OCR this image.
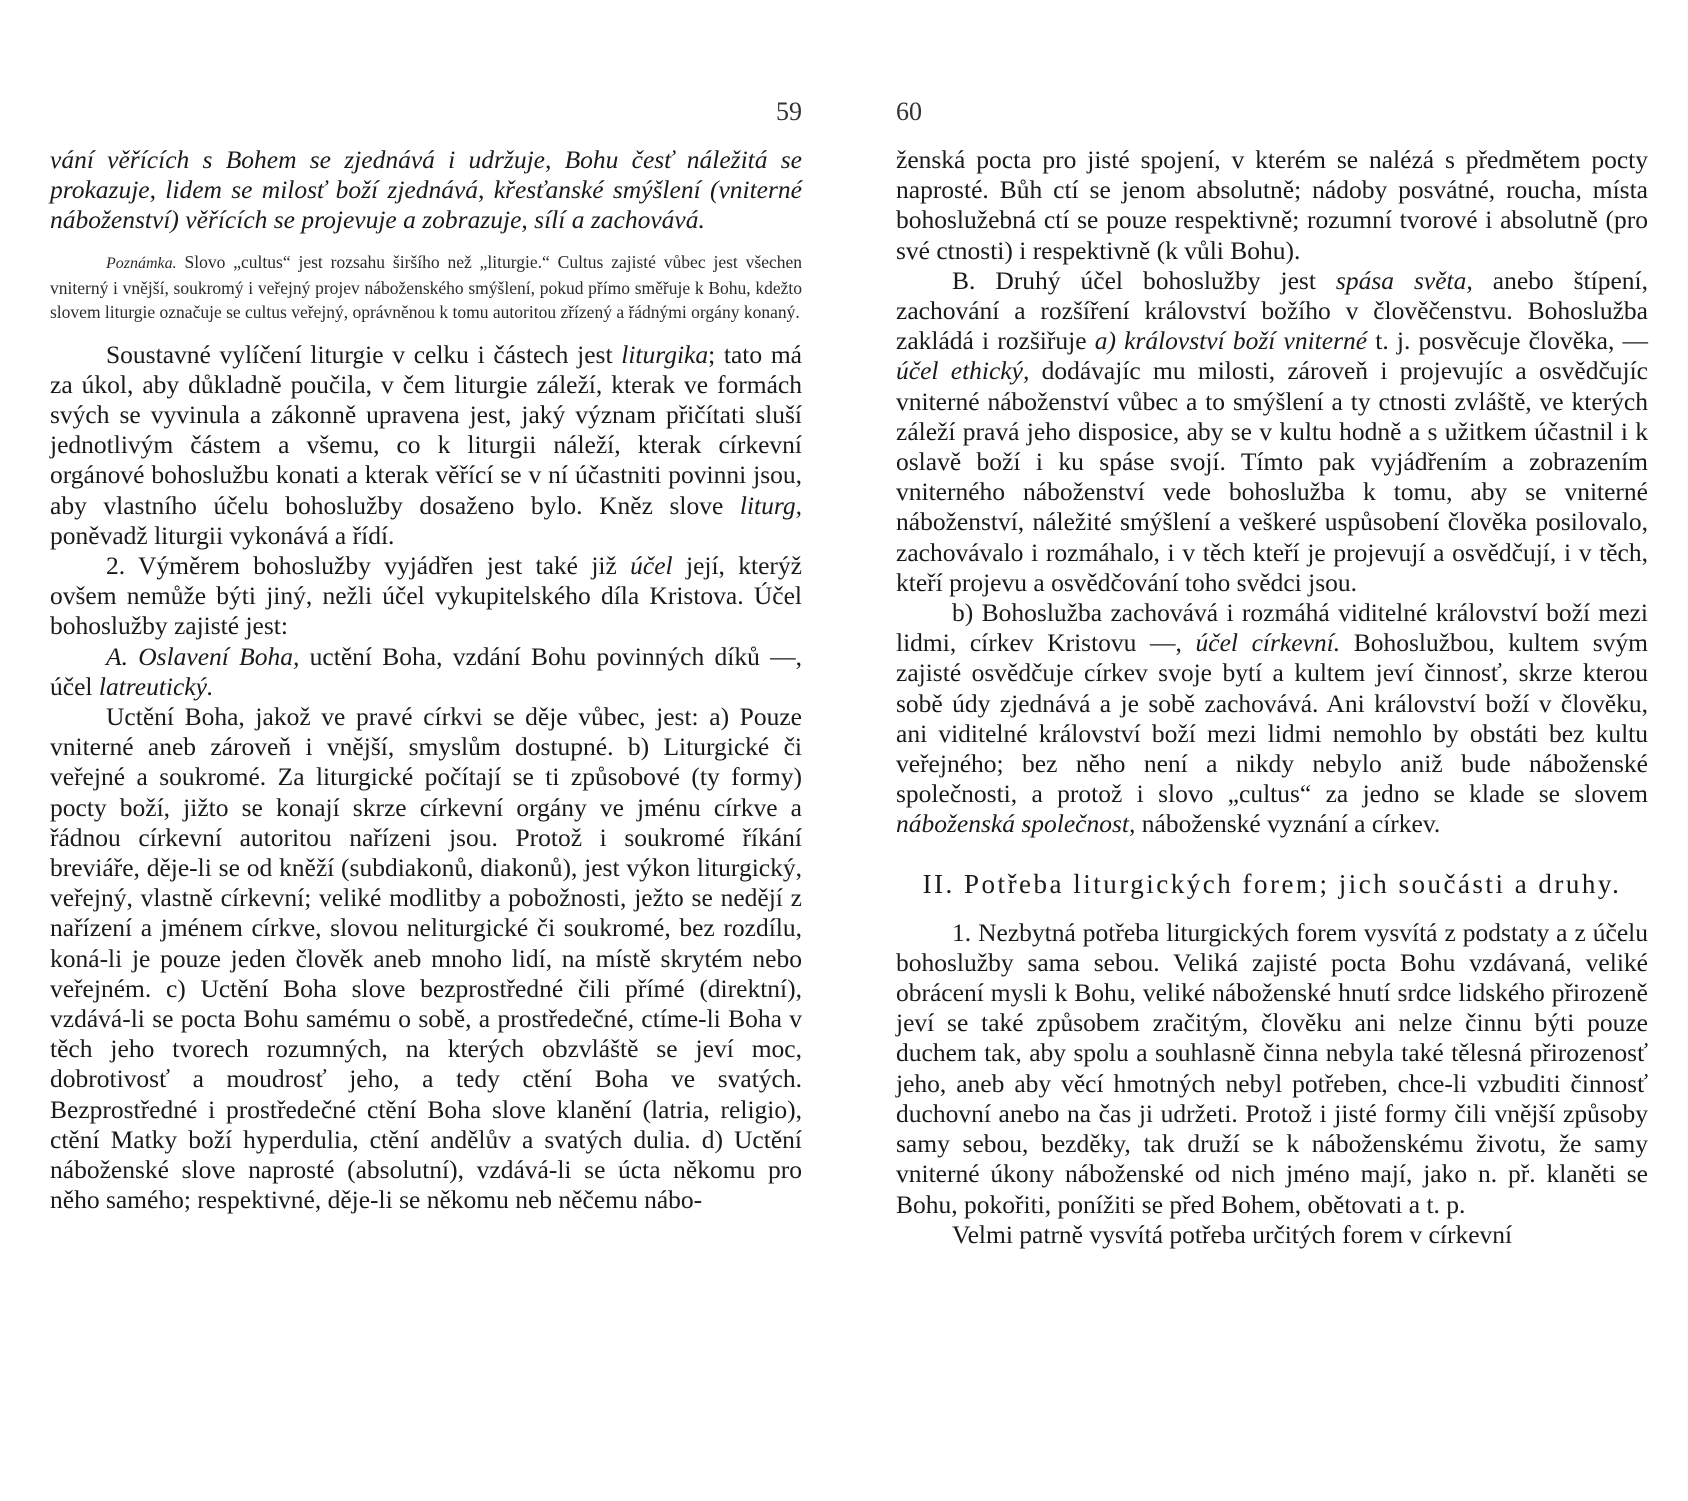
59

vání věřících s Bohem se zjednává i udržuje, Bohu česť náležitá se prokazuje, lidem se milosť boží zjednává, křesťanské smýšlení (vniterné náboženství) věřících se projevuje a zobrazuje, sílí a zachovává.

Poznámka. Slovo „cultus“ jest rozsahu širšího než „liturgie.“ Cultus zajisté vůbec jest všechen vniterný i vnější, soukromý i veřejný projev náboženského smýšlení, pokud přímo směřuje k Bohu, kdežto slovem liturgie označuje se cultus veřejný, oprávněnou k tomu autoritou zřízený a řádnými orgány konaný.

Soustavné vylíčení liturgie v celku i částech jest liturgika; tato má za úkol, aby důkladně poučila, v čem liturgie záleží, kterak ve formách svých se vyvinula a zákonně upravena jest, jaký význam přičítati sluší jednotlivým částem a všemu, co k liturgii náleží, kterak církevní orgánové bohoslužbu konati a kterak věřící se v ní účastniti povinni jsou, aby vlastního účelu bohoslužby dosaženo bylo. Kněz slove liturg, poněvadž liturgii vykonává a řídí.

2. Výměrem bohoslužby vyjádřen jest také již účel její, kterýž ovšem nemůže býti jiný, nežli účel vykupitelského díla Kristova. Účel bohoslužby zajisté jest:

A. Oslavení Boha, uctění Boha, vzdání Bohu povinných díků —, účel latreutický.

Uctění Boha, jakož ve pravé církvi se děje vůbec, jest: a) Pouze vniterné aneb zároveň i vnější, smyslům dostupné. b) Liturgické či veřejné a soukromé. Za liturgické počítají se ti způsobové (ty formy) pocty boží, jižto se konají skrze církevní orgány ve jménu církve a řádnou církevní autoritou nařízeni jsou. Protož i soukromé říkání breviáře, děje-li se od kněží (subdiakonů, diakonů), jest výkon liturgický, veřejný, vlastně církevní; veliké modlitby a pobožnosti, ježto se nedějí z nařízení a jménem církve, slovou neliturgické či soukromé, bez rozdílu, koná-li je pouze jeden člověk aneb mnoho lidí, na místě skrytém nebo veřejném. c) Uctění Boha slove bezprostředné čili přímé (direktní), vzdává-li se pocta Bohu samému o sobě, a prostředečné, ctíme-li Boha v těch jeho tvorech rozumných, na kterých obzvláště se jeví moc, dobrotivosť a moudrosť jeho, a tedy ctění Boha ve svatých. Bezprostředné i prostředečné ctění Boha slove klanění (latria, religio), ctění Matky boží hyperdulia, ctění andělův a svatých dulia. d) Uctění náboženské slove naprosté (absolutní), vzdává-li se úcta někomu pro něho samého; respektivné, děje-li se někomu neb něčemu nábo-

60

ženská pocta pro jisté spojení, v kterém se nalézá s předmětem pocty naprosté. Bůh ctí se jenom absolutně; nádoby posvátné, roucha, místa bohoslužebná ctí se pouze respektivně; rozumní tvorové i absolutně (pro své ctnosti) i respektivně (k vůli Bohu).

B. Druhý účel bohoslužby jest spása světa, anebo štípení, zachování a rozšíření království božího v člověčenstvu. Bohoslužba zakládá i rozšiřuje a) království boží vniterné t. j. posvěcuje člověka, — účel ethický, dodávajíc mu milosti, zároveň i projevujíc a osvědčujíc vniterné náboženství vůbec a to smýšlení a ty ctnosti zvláště, ve kterých záleží pravá jeho disposice, aby se v kultu hodně a s užitkem účastnil i k oslavě boží i ku spáse svojí. Tímto pak vyjádřením a zobrazením vniterného náboženství vede bohoslužba k tomu, aby se vniterné náboženství, náležité smýšlení a veškeré uspůsobení člověka posilovalo, zachovávalo i rozmáhalo, i v těch kteří je projevují a osvědčují, i v těch, kteří projevu a osvědčování toho svědci jsou.

b) Bohoslužba zachovává i rozmáhá viditelné království boží mezi lidmi, církev Kristovu —, účel církevní. Bohoslužbou, kultem svým zajisté osvědčuje církev svoje bytí a kultem jeví činnosť, skrze kterou sobě údy zjednává a je sobě zachovává. Ani království boží v člověku, ani viditelné království boží mezi lidmi nemohlo by obstáti bez kultu veřejného; bez něho není a nikdy nebylo aniž bude náboženské společnosti, a protož i slovo „cultus“ za jedno se klade se slovem náboženská společnost, náboženské vyznání a církev.

II. Potřeba liturgických forem; jich součásti a druhy.

1. Nezbytná potřeba liturgických forem vysvítá z podstaty a z účelu bohoslužby sama sebou. Veliká zajisté pocta Bohu vzdávaná, veliké obrácení mysli k Bohu, veliké náboženské hnutí srdce lidského přirozeně jeví se také způsobem zračitým, člověku ani nelze činnu býti pouze duchem tak, aby spolu a souhlasně činna nebyla také tělesná přirozenosť jeho, aneb aby věcí hmotných nebyl potřeben, chce-li vzbuditi činnosť duchovní anebo na čas ji udržeti. Protož i jisté formy čili vnější způsoby samy sebou, bezděky, tak druží se k náboženskému životu, že samy vniterné úkony náboženské od nich jméno mají, jako n. př. klaněti se Bohu, pokořiti, ponížiti se před Bohem, obětovati a t. p.

Velmi patrně vysvítá potřeba určitých forem v církevní
